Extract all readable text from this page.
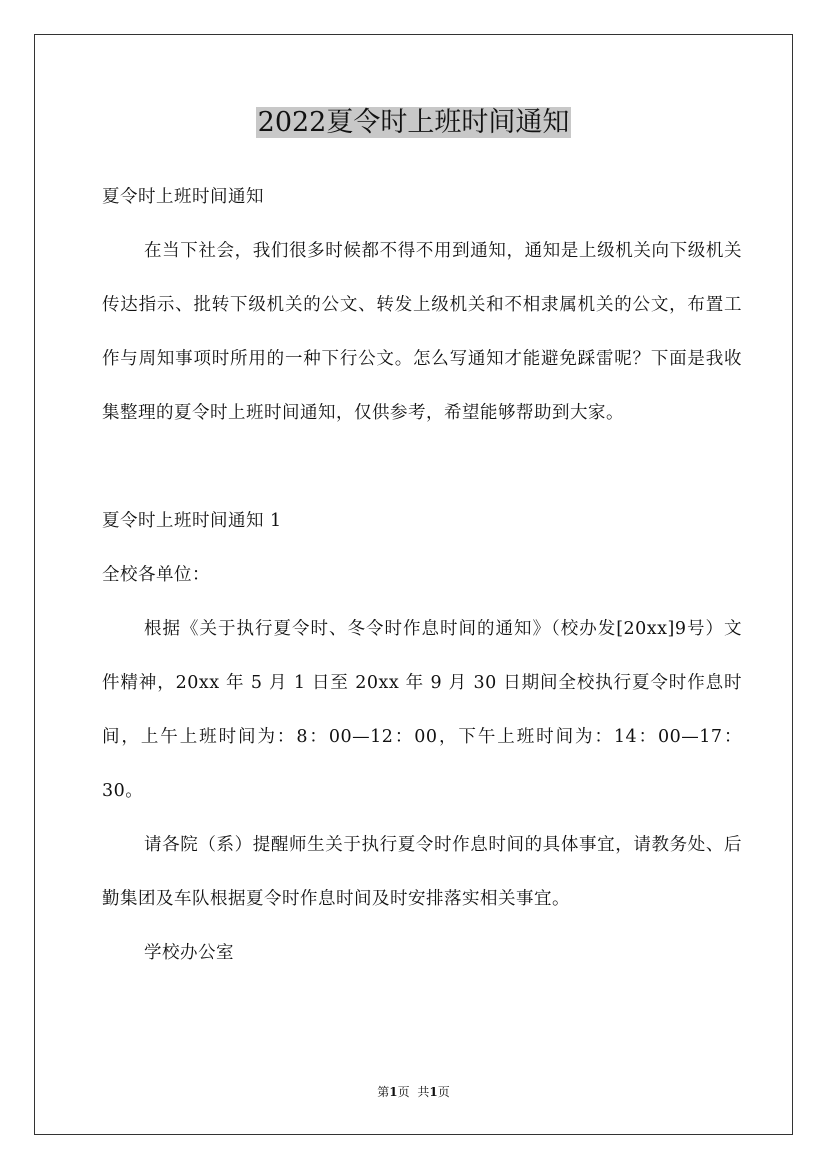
2022夏令时上班时间通知

夏令时上班时间通知

在当下社会，我们很多时候都不得不用到通知，通知是上级机关向下级机关传达指示、批转下级机关的公文、转发上级机关和不相隶属机关的公文，布置工作与周知事项时所用的一种下行公文。怎么写通知才能避免踩雷呢？下面是我收集整理的夏令时上班时间通知，仅供参考，希望能够帮助到大家。

夏令时上班时间通知 1

全校各单位：

根据《关于执行夏令时、冬令时作息时间的通知》（校办发[20xx]9号）文件精神，20xx 年 5 月 1 日至 20xx 年 9 月 30 日期间全校执行夏令时作息时间，上午上班时间为：8：00—12：00，下午上班时间为：14：00—17：30。

请各院（系）提醒师生关于执行夏令时作息时间的具体事宜，请教务处、后勤集团及车队根据夏令时作息时间及时安排落实相关事宜。

学校办公室

第1页 共1页
